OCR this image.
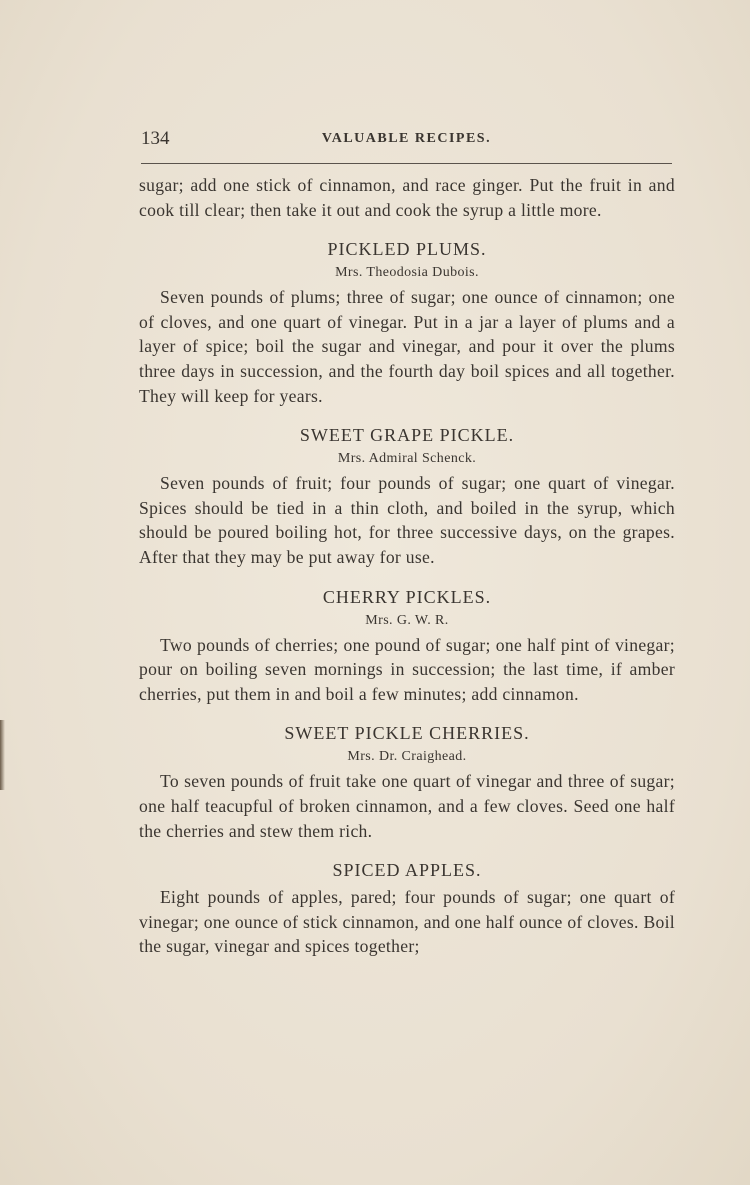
134	VALUABLE RECIPES.

sugar; add one stick of cinnamon, and race ginger. Put the fruit in and cook till clear; then take it out and cook the syrup a little more.

PICKLED PLUMS.
Mrs. Theodosia Dubois.

Seven pounds of plums; three of sugar; one ounce of cinnamon; one of cloves, and one quart of vinegar. Put in a jar a layer of plums and a layer of spice; boil the sugar and vinegar, and pour it over the plums three days in succession, and the fourth day boil spices and all together. They will keep for years.

SWEET GRAPE PICKLE.
Mrs. Admiral Schenck.

Seven pounds of fruit; four pounds of sugar; one quart of vinegar. Spices should be tied in a thin cloth, and boiled in the syrup, which should be poured boiling hot, for three successive days, on the grapes. After that they may be put away for use.

CHERRY PICKLES.
Mrs. G. W. R.

Two pounds of cherries; one pound of sugar; one half pint of vinegar; pour on boiling seven mornings in succession; the last time, if amber cherries, put them in and boil a few minutes; add cinnamon.

SWEET PICKLE CHERRIES.
Mrs. Dr. Craighead.

To seven pounds of fruit take one quart of vinegar and three of sugar; one half teacupful of broken cinnamon, and a few cloves. Seed one half the cherries and stew them rich.

SPICED APPLES.

Eight pounds of apples, pared; four pounds of sugar; one quart of vinegar; one ounce of stick cinnamon, and one half ounce of cloves. Boil the sugar, vinegar and spices together;
